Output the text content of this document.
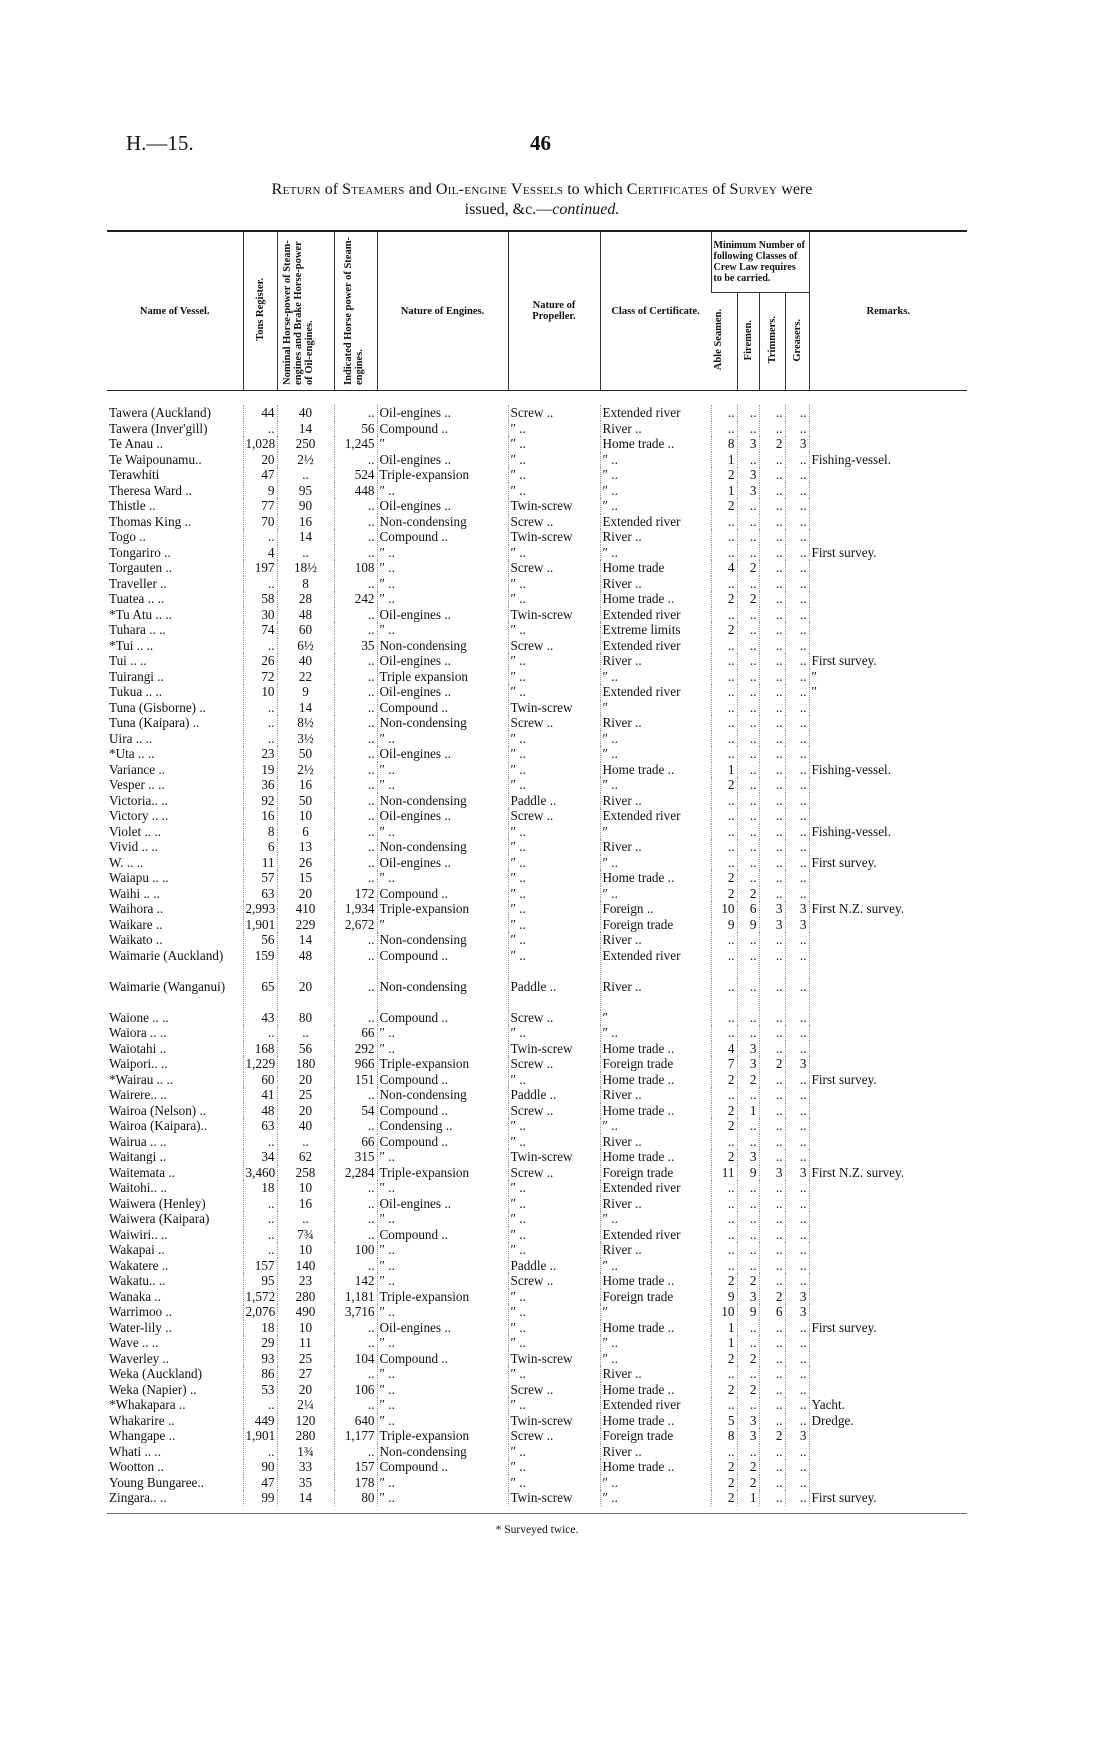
H.—15.	46
Return of Steamers and Oil-engine Vessels to which Certificates of Survey were
issued, &c.—continued.
Name of Vessel.	Tons Register.	Nominal Horse-power of Steam-engines and Brake Horse-power of Oil-engines.	Indicated Horse power of Steam-engines.	Nature of Engines.	Nature of Propeller.	Class of Certificate.	Minimum Number of following Classes of Crew Law requires to be carried.				Remarks.
							Able Seamen.	Firemen.	Trimmers.	Greasers.	

Tawera (Auckland)	44	40	..	Oil-engines ..	Screw ..	Extended river	..	..	..	..	
Tawera (Inver'gill)	..	14	56	Compound ..	″ ..	River ..	..	..	..	..	
Te Anau ..	1,028	250	1,245	″	″ ..	Home trade ..	8	3	2	3	
Te Waipounamu..	20	2½	..	Oil-engines ..	″ ..	″ ..	1	..	..	..	Fishing-vessel.
Terawhiti	47	..	524	Triple-expansion	″ ..	″ ..	2	3	..	..	
Theresa Ward ..	9	95	448	″ ..	″ ..	″ ..	1	3	..	..	
Thistle ..	77	90	..	Oil-engines ..	Twin-screw	″ ..	2	..	..	..	
Thomas King ..	70	16	..	Non-condensing	Screw ..	Extended river	..	..	..	..	
Togo ..	..	14	..	Compound ..	Twin-screw	River ..	..	..	..	..	
Tongariro ..	4	..	..	″ ..	″ ..	″ ..	..	..	..	..	First survey.
Torgauten ..	197	18½	108	″ ..	Screw ..	Home trade	4	2	..	..	
Traveller ..	..	8	..	″ ..	″ ..	River ..	..	..	..	..	
Tuatea .. ..	58	28	242	″ ..	″ ..	Home trade ..	2	2	..	..	
*Tu Atu .. ..	30	48	..	Oil-engines ..	Twin-screw	Extended river	..	..	..	..	
Tuhara .. ..	74	60	..	″ ..	″ ..	Extreme limits	2	..	..	..	
*Tui .. ..	..	6½	35	Non-condensing	Screw ..	Extended river	..	..	..	..	
Tui .. ..	26	40	..	Oil-engines ..	″ ..	River ..	..	..	..	..	First survey.
Tuirangi ..	72	22	..	Triple expansion	″ ..	″ ..	..	..	..	..	″
Tukua .. ..	10	9	..	Oil-engines ..	″ ..	Extended river	..	..	..	..	″
Tuna (Gisborne) ..	..	14	..	Compound ..	Twin-screw	″	..	..	..	..	
Tuna (Kaipara) ..	..	8½	..	Non-condensing	Screw ..	River ..	..	..	..	..	
Uira .. ..	..	3½	..	″ ..	″ ..	″ ..	..	..	..	..	
*Uta .. ..	23	50	..	Oil-engines ..	″ ..	″ ..	..	..	..	..	
Variance ..	19	2½	..	″ ..	″ ..	Home trade ..	1	..	..	..	Fishing-vessel.
Vesper .. ..	36	16	..	″ ..	″ ..	″ ..	2	..	..	..	
Victoria.. ..	92	50	..	Non-condensing	Paddle ..	River ..	..	..	..	..	
Victory .. ..	16	10	..	Oil-engines ..	Screw ..	Extended river	..	..	..	..	
Violet .. ..	8	6	..	″ ..	″ ..	″	..	..	..	..	Fishing-vessel.
Vivid .. ..	6	13	..	Non-condensing	″ ..	River ..	..	..	..	..	
W. .. ..	11	26	..	Oil-engines ..	″ ..	″ ..	..	..	..	..	First survey.
Waiapu .. ..	57	15	..	″ ..	″ ..	Home trade ..	2	..	..	..	
Waihi .. ..	63	20	172	Compound ..	″ ..	″ ..	2	2	..	..	
Waihora ..	2,993	410	1,934	Triple-expansion	″ ..	Foreign ..	10	6	3	3	First N.Z. survey.
Waikare ..	1,901	229	2,672	″	″ ..	Foreign trade	9	9	3	3	
Waikato ..	56	14	..	Non-condensing	″ ..	River ..	..	..	..	..	
Waimarie (Auckland)	159	48	..	Compound ..	″ ..	Extended river	..	..	..	..	
Waimarie (Wanganui)	65	20	..	Non-condensing	Paddle ..	River ..	..	..	..	..	
Waione .. ..	43	80	..	Compound ..	Screw ..	″	..	..	..	..	
Waiora .. ..	..	..	66	″ ..	″ ..	″ ..	..	..	..	..	
Waiotahi ..	168	56	292	″ ..	Twin-screw	Home trade ..	4	3	..	..	
Waipori.. ..	1,229	180	966	Triple-expansion	Screw ..	Foreign trade	7	3	2	3	
*Wairau .. ..	60	20	151	Compound ..	″ ..	Home trade ..	2	2	..	..	First survey.
Wairere.. ..	41	25	..	Non-condensing	Paddle ..	River ..	..	..	..	..	
Wairoa (Nelson) ..	48	20	54	Compound ..	Screw ..	Home trade ..	2	1	..	..	
Wairoa (Kaipara)..	63	40	..	Condensing ..	″ ..	″ ..	2	..	..	..	
Wairua .. ..	..	..	66	Compound ..	″ ..	River ..	..	..	..	..	
Waitangi ..	34	62	315	″ ..	Twin-screw	Home trade ..	2	3	..	..	
Waitemata ..	3,460	258	2,284	Triple-expansion	Screw ..	Foreign trade	11	9	3	3	First N.Z. survey.
Waitohi.. ..	18	10	..	″ ..	″ ..	Extended river	..	..	..	..	
Waiwera (Henley)	..	16	..	Oil-engines ..	″ ..	River ..	..	..	..	..	
Waiwera (Kaipara)	..	..	..	″ ..	″ ..	″ ..	..	..	..	..	
Waiwiri.. ..	..	7¾	..	Compound ..	″ ..	Extended river	..	..	..	..	
Wakapai ..	..	10	100	″ ..	″ ..	River ..	..	..	..	..	
Wakatere ..	157	140	..	″ ..	Paddle ..	″ ..	..	..	..	..	
Wakatu.. ..	95	23	142	″ ..	Screw ..	Home trade ..	2	2	..	..	
Wanaka ..	1,572	280	1,181	Triple-expansion	″ ..	Foreign trade	9	3	2	3	
Warrimoo ..	2,076	490	3,716	″ ..	″ ..	″	10	9	6	3	
Water-lily ..	18	10	..	Oil-engines ..	″ ..	Home trade ..	1	..	..	..	First survey.
Wave .. ..	29	11	..	″ ..	″ ..	″ ..	1	..	..	..	
Waverley ..	93	25	104	Compound ..	Twin-screw	″ ..	2	2	..	..	
Weka (Auckland)	86	27	..	″ ..	″ ..	River ..	..	..	..	..	
Weka (Napier) ..	53	20	106	″ ..	Screw ..	Home trade ..	2	2	..	..	
*Whakapara ..	..	2¼	..	″ ..	″ ..	Extended river	..	..	..	..	Yacht.
Whakarire ..	449	120	640	″ ..	Twin-screw	Home trade ..	5	3	..	..	Dredge.
Whangape ..	1,901	280	1,177	Triple-expansion	Screw ..	Foreign trade	8	3	2	3	
Whati .. ..	..	1¾	..	Non-condensing	″ ..	River ..	..	..	..	..	
Wootton ..	90	33	157	Compound ..	″ ..	Home trade ..	2	2	..	..	
Young Bungaree..	47	35	178	″ ..	″ ..	″ ..	2	2	..	..	
Zingara.. ..	99	14	80	″ ..	Twin-screw	″ ..	2	1	..	..	First survey.
* Surveyed twice.
